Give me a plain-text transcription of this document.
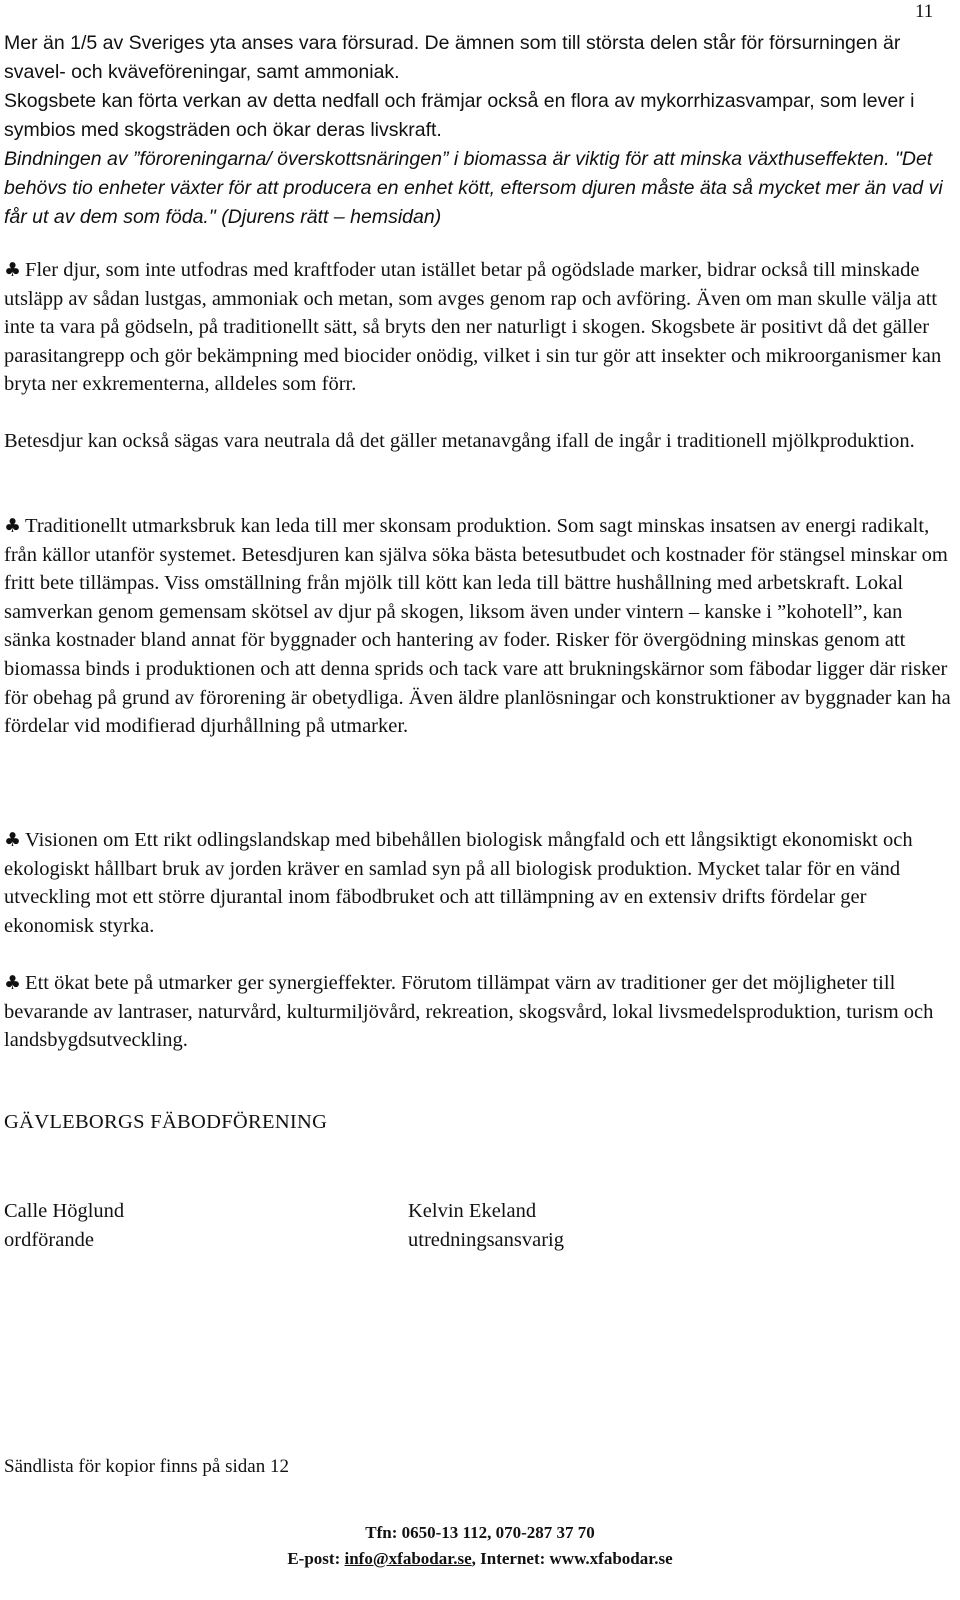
11

Mer än 1/5 av Sveriges yta anses vara försurad. De ämnen som till största delen står för försurningen är svavel- och kväveföreningar, samt ammoniak.

Skogsbete kan förta verkan av detta nedfall och främjar också en flora av mykorrhizasvampar, som lever i symbios med skogsträden och ökar deras livskraft.

Bindningen av ”föroreningarna/ överskottsnäringen” i biomassa är viktig för att minska växthuseffekten. "Det behövs tio enheter växter för att producera en enhet kött, eftersom djuren måste äta så mycket mer än vad vi får ut av dem som föda." (Djurens rätt – hemsidan)

♣ Fler djur, som inte utfodras med kraftfoder utan istället betar på ogödslade marker, bidrar också till minskade utsläpp av sådan lustgas, ammoniak och metan, som avges genom rap och avföring. Även om man skulle välja att inte ta vara på gödseln, på traditionellt sätt, så bryts den ner naturligt i skogen. Skogsbete är positivt då det gäller parasitangrepp och gör bekämpning med biocider onödig, vilket i sin tur gör att insekter och mikroorganismer kan bryta ner exkrementerna, alldeles som förr.

Betesdjur kan också sägas vara neutrala då det gäller metanavgång ifall de ingår i traditionell mjölkproduktion.

♣ Traditionellt utmarksbruk kan leda till mer skonsam produktion. Som sagt minskas insatsen av energi radikalt, från källor utanför systemet. Betesdjuren kan själva söka bästa betesutbudet och kostnader för stängsel minskar om fritt bete tillämpas. Viss omställning från mjölk till kött kan leda till bättre hushållning med arbetskraft. Lokal samverkan genom gemensam skötsel av djur på skogen, liksom även under vintern – kanske i ”kohotell”, kan sänka kostnader bland annat för byggnader och hantering av foder. Risker för övergödning minskas genom att biomassa binds i produktionen och att denna sprids och tack vare att brukningskärnor som fäbodar ligger där risker för obehag på grund av förorening är obetydliga. Även äldre planlösningar och konstruktioner av byggnader kan ha fördelar vid modifierad djurhållning på utmarker.

♣ Visionen om Ett rikt odlingslandskap med bibehållen biologisk mångfald och ett långsiktigt ekonomiskt och ekologiskt hållbart bruk av jorden kräver en samlad syn på all biologisk produktion. Mycket talar för en vänd utveckling mot ett större djurantal inom fäbodbruket och att tillämpning av en extensiv drifts fördelar ger ekonomisk styrka.

♣ Ett ökat bete på utmarker ger synergieffekter. Förutom tillämpat värn av traditioner ger det möjligheter till bevarande av lantraser, naturvård, kulturmiljövård, rekreation, skogsvård, lokal livsmedelsproduktion, turism och landsbygdsutveckling.

GÄVLEBORGS FÄBODFÖRENING
Calle Höglund
ordförande
Kelvin Ekeland
utredningsansvarig
Sändlista för kopior finns på sidan 12
Tfn: 0650-13 112, 070-287 37 70
E-post: info@xfabodar.se, Internet: www.xfabodar.se
